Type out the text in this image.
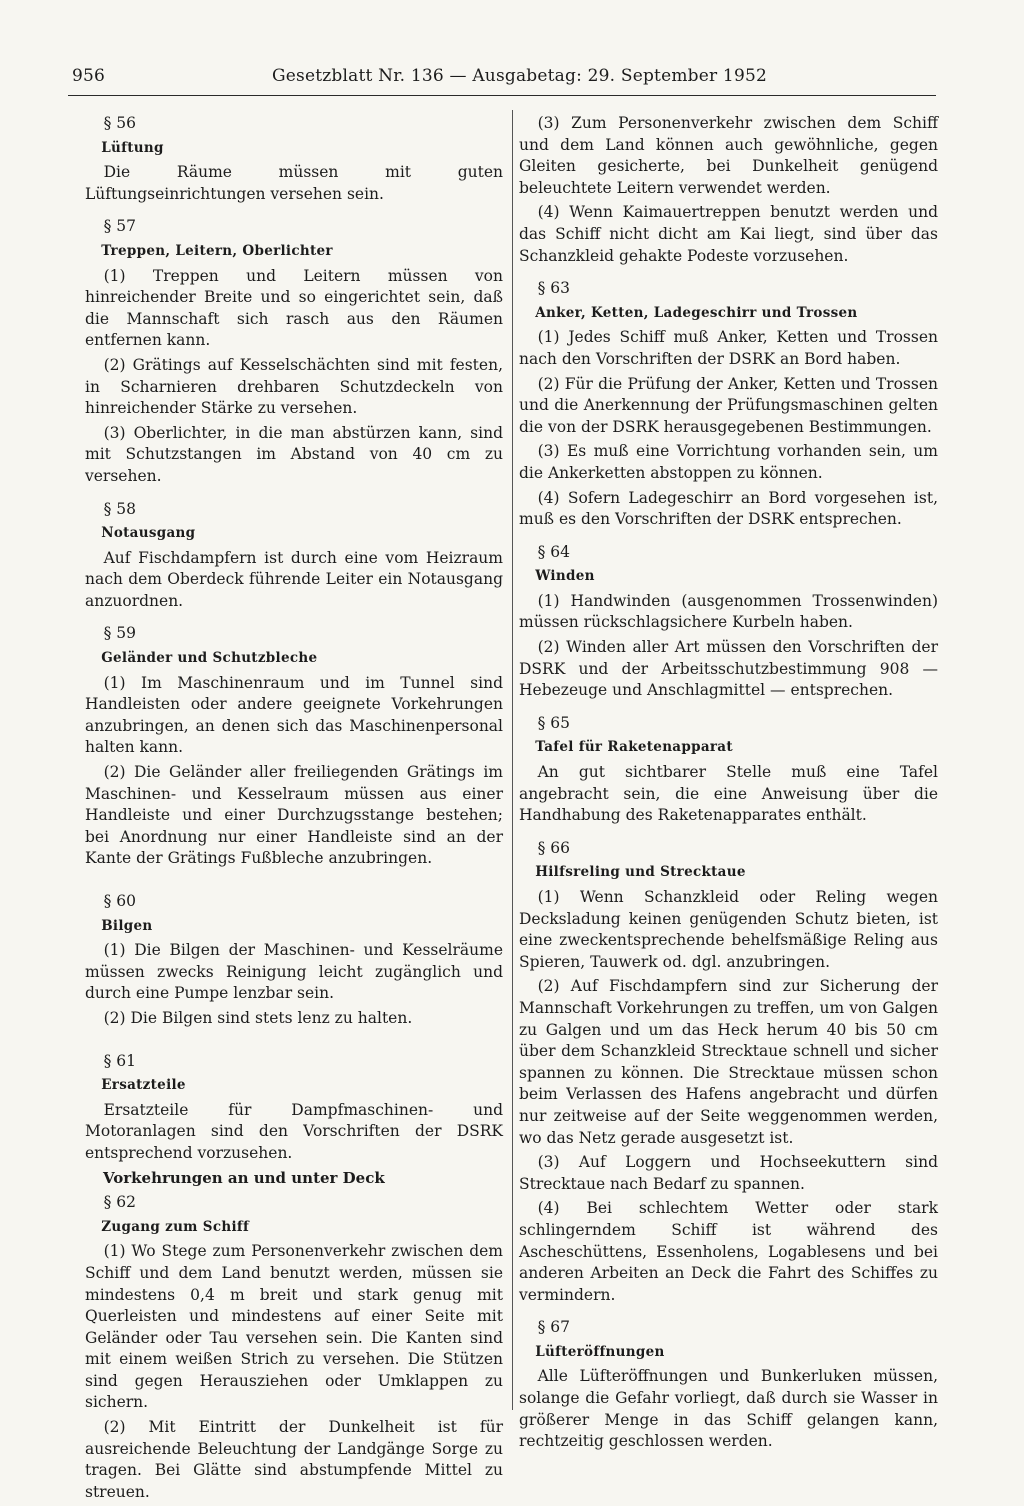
956	Gesetzblatt Nr. 136 — Ausgabetag: 29. September 1952

§ 56

Lüftung

Die Räume müssen mit guten Lüftungseinrichtungen versehen sein.

§ 57

Treppen, Leitern, Oberlichter

(1) Treppen und Leitern müssen von hinreichender Breite und so eingerichtet sein, daß die Mannschaft sich rasch aus den Räumen entfernen kann.

(2) Grätings auf Kesselschächten sind mit festen, in Scharnieren drehbaren Schutzdeckeln von hinreichender Stärke zu versehen.

(3) Oberlichter, in die man abstürzen kann, sind mit Schutzstangen im Abstand von 40 cm zu versehen.

§ 58

Notausgang

Auf Fischdampfern ist durch eine vom Heizraum nach dem Oberdeck führende Leiter ein Notausgang anzuordnen.

§ 59

Geländer und Schutzbleche

(1) Im Maschinenraum und im Tunnel sind Handleisten oder andere geeignete Vorkehrungen anzubringen, an denen sich das Maschinenpersonal halten kann.

(2) Die Geländer aller freiliegenden Grätings im Maschinen- und Kesselraum müssen aus einer Handleiste und einer Durchzugsstange bestehen; bei Anordnung nur einer Handleiste sind an der Kante der Grätings Fußbleche anzubringen.

§ 60

Bilgen

(1) Die Bilgen der Maschinen- und Kesselräume müssen zwecks Reinigung leicht zugänglich und durch eine Pumpe lenzbar sein.

(2) Die Bilgen sind stets lenz zu halten.

§ 61

Ersatzteile

Ersatzteile für Dampfmaschinen- und Motoranlagen sind den Vorschriften der DSRK entsprechend vorzusehen.

Vorkehrungen an und unter Deck

§ 62

Zugang zum Schiff

(1) Wo Stege zum Personenverkehr zwischen dem Schiff und dem Land benutzt werden, müssen sie mindestens 0,4 m breit und stark genug mit Querleisten und mindestens auf einer Seite mit Geländer oder Tau versehen sein. Die Kanten sind mit einem weißen Strich zu versehen. Die Stützen sind gegen Herausziehen oder Umklappen zu sichern.

(2) Mit Eintritt der Dunkelheit ist für ausreichende Beleuchtung der Landgänge Sorge zu tragen. Bei Glätte sind abstumpfende Mittel zu streuen.

(3) Zum Personenverkehr zwischen dem Schiff und dem Land können auch gewöhnliche, gegen Gleiten gesicherte, bei Dunkelheit genügend beleuchtete Leitern verwendet werden.

(4) Wenn Kaimauertreppen benutzt werden und das Schiff nicht dicht am Kai liegt, sind über das Schanzkleid gehakte Podeste vorzusehen.

§ 63

Anker, Ketten, Ladegeschirr und Trossen

(1) Jedes Schiff muß Anker, Ketten und Trossen nach den Vorschriften der DSRK an Bord haben.

(2) Für die Prüfung der Anker, Ketten und Trossen und die Anerkennung der Prüfungsmaschinen gelten die von der DSRK herausgegebenen Bestimmungen.

(3) Es muß eine Vorrichtung vorhanden sein, um die Ankerketten abstoppen zu können.

(4) Sofern Ladegeschirr an Bord vorgesehen ist, muß es den Vorschriften der DSRK entsprechen.

§ 64

Winden

(1) Handwinden (ausgenommen Trossenwinden) müssen rückschlagsichere Kurbeln haben.

(2) Winden aller Art müssen den Vorschriften der DSRK und der Arbeitsschutzbestimmung 908 — Hebezeuge und Anschlagmittel — entsprechen.

§ 65

Tafel für Raketenapparat

An gut sichtbarer Stelle muß eine Tafel angebracht sein, die eine Anweisung über die Handhabung des Raketenapparates enthält.

§ 66

Hilfsreling und Strecktaue

(1) Wenn Schanzkleid oder Reling wegen Decksladung keinen genügenden Schutz bieten, ist eine zweckentsprechende behelfsmäßige Reling aus Spieren, Tauwerk od. dgl. anzubringen.

(2) Auf Fischdampfern sind zur Sicherung der Mannschaft Vorkehrungen zu treffen, um von Galgen zu Galgen und um das Heck herum 40 bis 50 cm über dem Schanzkleid Strecktaue schnell und sicher spannen zu können. Die Strecktaue müssen schon beim Verlassen des Hafens angebracht und dürfen nur zeitweise auf der Seite weggenommen werden, wo das Netz gerade ausgesetzt ist.

(3) Auf Loggern und Hochseekuttern sind Strecktaue nach Bedarf zu spannen.

(4) Bei schlechtem Wetter oder stark schlingerndem Schiff ist während des Ascheschüttens, Essenholens, Logablesens und bei anderen Arbeiten an Deck die Fahrt des Schiffes zu vermindern.

§ 67

Lüfteröffnungen

Alle Lüfteröffnungen und Bunkerluken müssen, solange die Gefahr vorliegt, daß durch sie Wasser in größerer Menge in das Schiff gelangen kann, rechtzeitig geschlossen werden.
